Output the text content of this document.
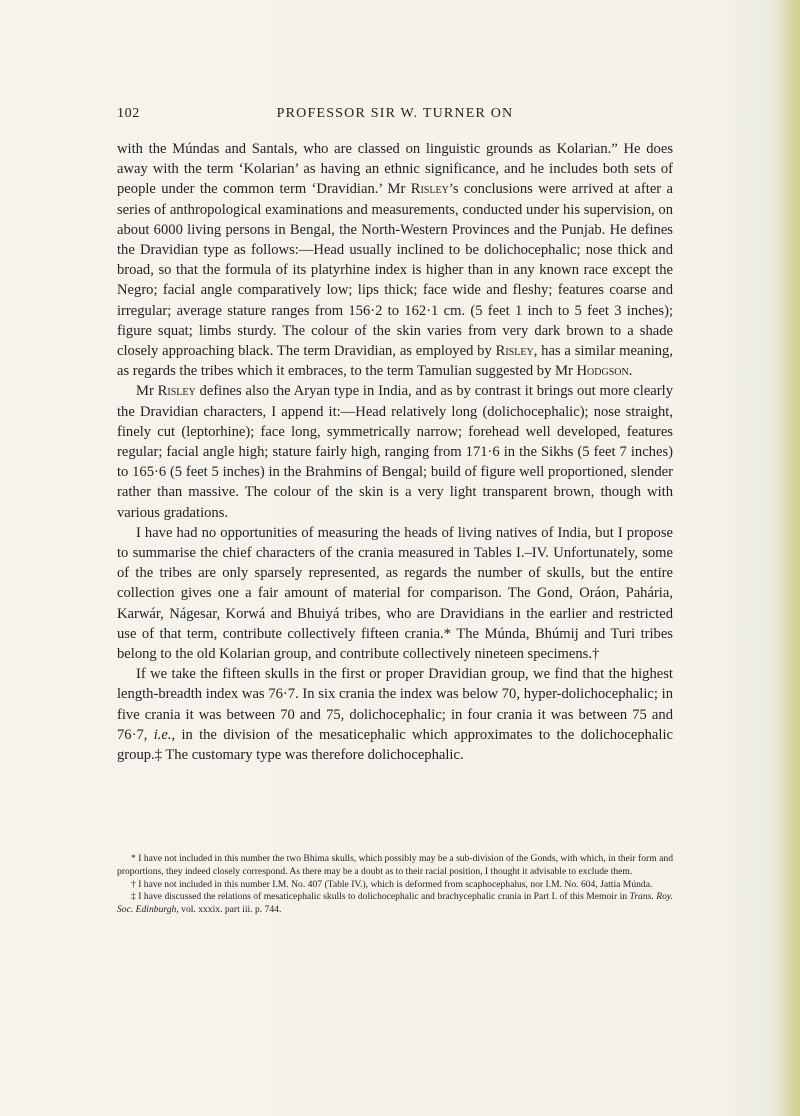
102	PROFESSOR SIR W. TURNER ON

with the Múndas and Santals, who are classed on linguistic grounds as Kolarian.” He does away with the term ‘Kolarian’ as having an ethnic significance, and he includes both sets of people under the common term ‘Dravidian.’ Mr Risley’s conclusions were arrived at after a series of anthropological examinations and measurements, conducted under his supervision, on about 6000 living persons in Bengal, the North-Western Provinces and the Punjab. He defines the Dravidian type as follows:—Head usually inclined to be dolichocephalic; nose thick and broad, so that the formula of its platyrhine index is higher than in any known race except the Negro; facial angle comparatively low; lips thick; face wide and fleshy; features coarse and irregular; average stature ranges from 156·2 to 162·1 cm. (5 feet 1 inch to 5 feet 3 inches); figure squat; limbs sturdy. The colour of the skin varies from very dark brown to a shade closely approaching black. The term Dravidian, as employed by Risley, has a similar meaning, as regards the tribes which it embraces, to the term Tamulian suggested by Mr Hodgson.

Mr Risley defines also the Aryan type in India, and as by contrast it brings out more clearly the Dravidian characters, I append it:—Head relatively long (dolichocephalic); nose straight, finely cut (leptorhine); face long, symmetrically narrow; forehead well developed, features regular; facial angle high; stature fairly high, ranging from 171·6 in the Sikhs (5 feet 7 inches) to 165·6 (5 feet 5 inches) in the Brahmins of Bengal; build of figure well proportioned, slender rather than massive. The colour of the skin is a very light transparent brown, though with various gradations.

I have had no opportunities of measuring the heads of living natives of India, but I propose to summarise the chief characters of the crania measured in Tables I.–IV. Unfortunately, some of the tribes are only sparsely represented, as regards the number of skulls, but the entire collection gives one a fair amount of material for comparison. The Gond, Oráon, Pahária, Karwár, Nágesar, Korwá and Bhuiyá tribes, who are Dravidians in the earlier and restricted use of that term, contribute collectively fifteen crania.* The Múnda, Bhúmij and Turi tribes belong to the old Kolarian group, and contribute collectively nineteen specimens.†

If we take the fifteen skulls in the first or proper Dravidian group, we find that the highest length-breadth index was 76·7. In six crania the index was below 70, hyper-dolichocephalic; in five crania it was between 70 and 75, dolichocephalic; in four crania it was between 75 and 76·7, i.e., in the division of the mesaticephalic which approximates to the dolichocephalic group.‡ The customary type was therefore dolichocephalic.

* I have not included in this number the two Bhima skulls, which possibly may be a sub-division of the Gonds, with which, in their form and proportions, they indeed closely correspond. As there may be a doubt as to their racial position, I thought it advisable to exclude them.

† I have not included in this number I.M. No. 407 (Table IV.), which is deformed from scaphocephalus, nor I.M. No. 604, Jattia Múnda.

‡ I have discussed the relations of mesaticephalic skulls to dolichocephalic and brachycephalic crania in Part I. of this Memoir in Trans. Roy. Soc. Edinburgh, vol. xxxix. part iii. p. 744.
